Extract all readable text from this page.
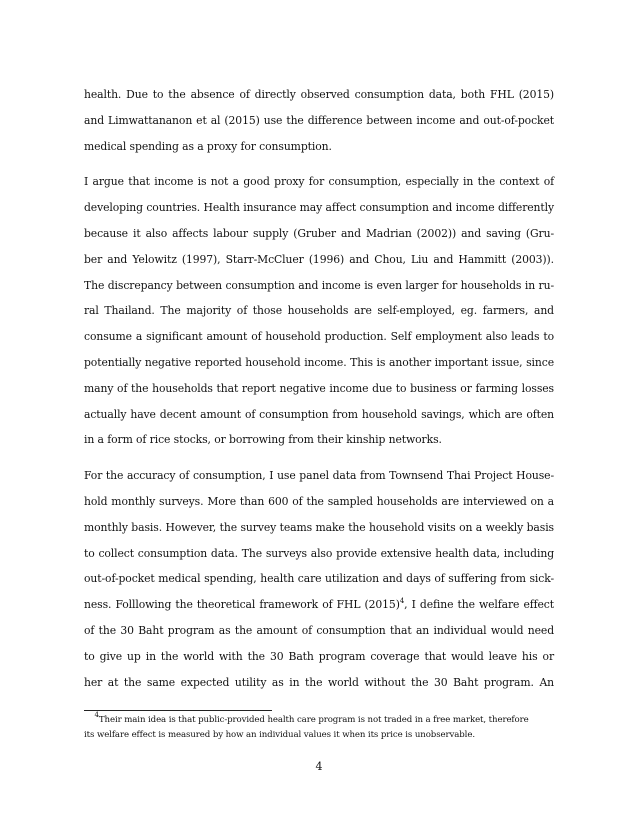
health. Due to the absence of directly observed consumption data, both FHL (2015)
and Limwattananon et al (2015) use the difference between income and out-of-pocket
medical spending as a proxy for consumption.

I argue that income is not a good proxy for consumption, especially in the context of
developing countries. Health insurance may affect consumption and income differently
because it also affects labour supply (Gruber and Madrian (2002)) and saving (Gru-
ber and Yelowitz (1997), Starr-McCluer (1996) and Chou, Liu and Hammitt (2003)).
The discrepancy between consumption and income is even larger for households in ru-
ral Thailand. The majority of those households are self-employed, eg. farmers, and
consume a significant amount of household production. Self employment also leads to
potentially negative reported household income. This is another important issue, since
many of the households that report negative income due to business or farming losses
actually have decent amount of consumption from household savings, which are often
in a form of rice stocks, or borrowing from their kinship networks.

For the accuracy of consumption, I use panel data from Townsend Thai Project House-
hold monthly surveys. More than 600 of the sampled households are interviewed on a
monthly basis. However, the survey teams make the household visits on a weekly basis
to collect consumption data. The surveys also provide extensive health data, including
out-of-pocket medical spending, health care utilization and days of suffering from sick-
ness. Folllowing the theoretical framework of FHL $(2015)^4$, I define the welfare effect
of the 30 Baht program as the amount of consumption that an individual would need
to give up in the world with the 30 Bath program coverage that would leave his or
her at the same expected utility as in the world without the 30 Baht program. An

$^4$Their main idea is that public-provided health care program is not traded in a free market, therefore
its welfare effect is measured by how an individual values it when its price is unobservable.
4
